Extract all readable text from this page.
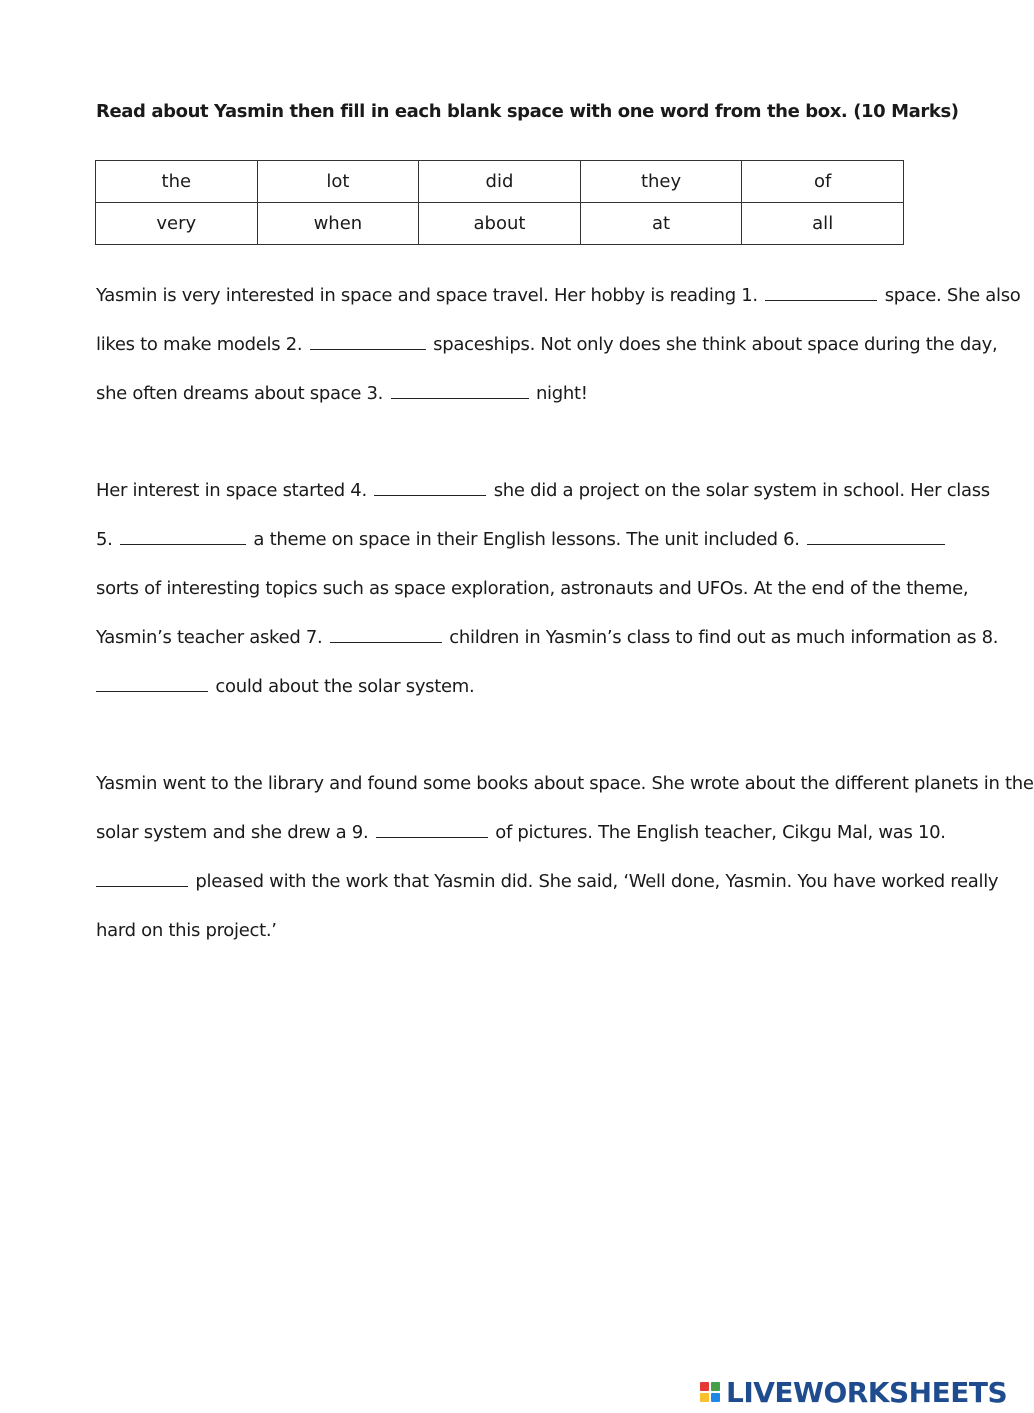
Read about Yasmin then fill in each blank space with one word from the box. (10 Marks)
the	lot	did	they	of
very	when	about	at	all
Yasmin is very interested in space and space travel. Her hobby is reading 1.	space. She also
likes to make models 2.	spaceships. Not only does she think about space during the day,
she often dreams about space 3.	night!
Her interest in space started 4.	she did a project on the solar system in school. Her class
5.	a theme on space in their English lessons. The unit included 6.
sorts of interesting topics such as space exploration, astronauts and UFOs. At the end of the theme,
Yasmin’s teacher asked 7.	children in Yasmin’s class to find out as much information as 8.
could about the solar system.
Yasmin went to the library and found some books about space. She wrote about the different planets in the
solar system and she drew a 9.	of pictures. The English teacher, Cikgu Mal, was 10.
pleased with the work that Yasmin did. She said, ‘Well done, Yasmin. You have worked really
hard on this project.’
LIVEWORKSHEETS
